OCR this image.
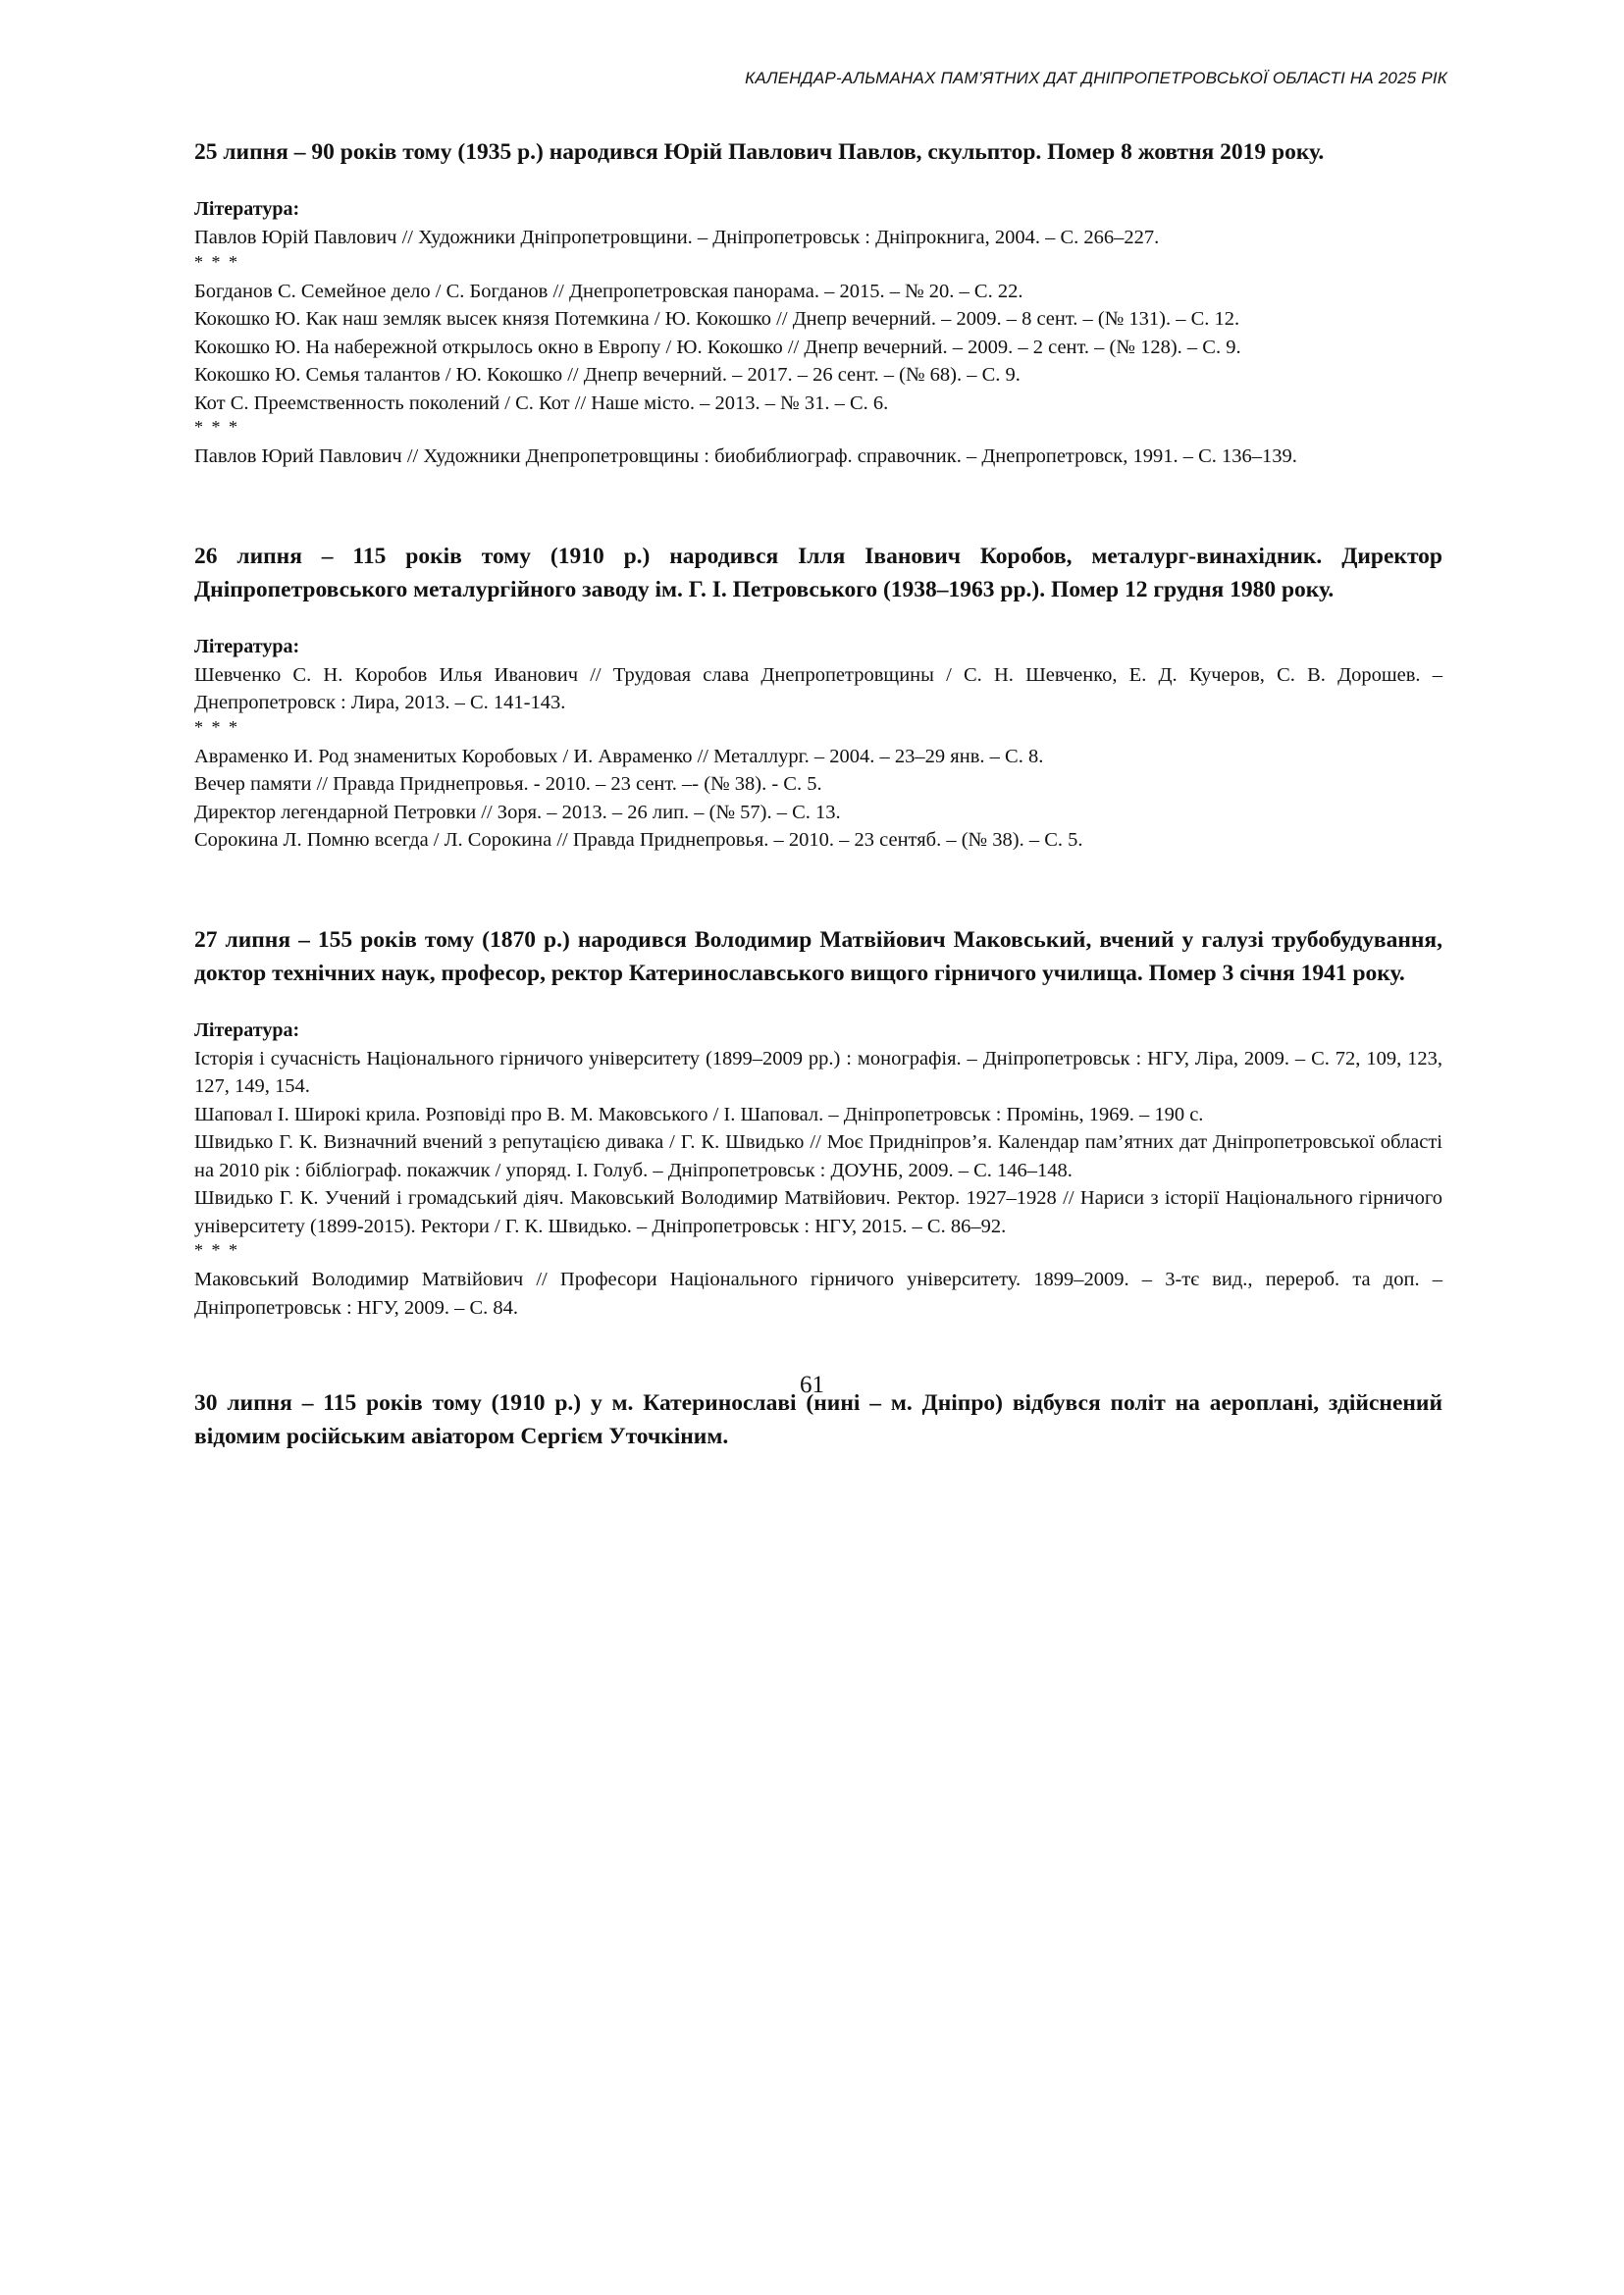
КАЛЕНДАР-АЛЬМАНАХ ПАМ’ЯТНИХ ДАТ ДНІПРОПЕТРОВСЬКОЇ ОБЛАСТІ НА 2025 РІК

25 липня – 90 років тому (1935 р.) народився Юрій Павлович Павлов, скульптор. Помер 8 жовтня 2019 року.

Література:

Павлов Юрій Павлович // Художники Дніпропетровщини. – Дніпропетровськ : Дніпрокнига, 2004. – С. 266–227.

* * *

Богданов С. Семейное дело / С. Богданов // Днепропетровская панорама. – 2015. – № 20. – С. 22.

Кокошко Ю. Как наш земляк высек князя Потемкина / Ю. Кокошко // Днепр вечерний. – 2009. – 8 сент. – (№ 131). – С. 12.

Кокошко Ю. На набережной открылось окно в Европу / Ю. Кокошко // Днепр вечерний. – 2009. – 2 сент. – (№ 128). – С. 9.

Кокошко Ю. Семья талантов / Ю. Кокошко // Днепр вечерний. – 2017. – 26 сент. – (№ 68). – С. 9.

Кот С. Преемственность поколений / С. Кот // Наше місто. – 2013. – № 31. – С. 6.

* * *

Павлов Юрий Павлович // Художники Днепропетровщины : биобиблиограф. справочник. – Днепропетровск, 1991. – С. 136–139.

26 липня – 115 років тому (1910 р.) народився Ілля Іванович Коробов, металург-винахідник. Директор Дніпропетровського металургійного заводу ім. Г. І. Петровського (1938–1963 рр.). Помер 12 грудня 1980 року.

Література:

Шевченко С. Н. Коробов Илья Иванович // Трудовая слава Днепропетровщины / С. Н. Шевченко, Е. Д. Кучеров, С. В. Дорошев. – Днепропетровск : Лира, 2013. – С. 141-143.

* * *

Авраменко И. Род знаменитых Коробовых / И. Авраменко // Металлург. – 2004. – 23–29 янв. – С. 8.

Вечер памяти // Правда Приднепровья. - 2010. – 23 сент. –- (№ 38). - С. 5.

Директор легендарной Петровки // Зоря. – 2013. – 26 лип. – (№ 57). – С. 13.

Сорокина Л. Помню всегда / Л. Сорокина // Правда Приднепровья. – 2010. – 23 сентяб. – (№ 38). – С. 5.

27 липня – 155 років тому (1870 р.) народився Володимир Матвійович Маковський, вчений у галузі трубобудування, доктор технічних наук, професор, ректор Катеринославського вищого гірничого училища. Помер 3 січня 1941 року.

Література:

Історія і сучасність Національного гірничого університету (1899–2009 рр.) : монографія. – Дніпропетровськ : НГУ, Ліра, 2009. – С. 72, 109, 123, 127, 149, 154.

Шаповал І. Широкі крила. Розповіді про В. М. Маковського / І. Шаповал. – Дніпропетровськ : Промінь, 1969. – 190 с.

Швидько Г. К. Визначний вчений з репутацією дивака / Г. К. Швидько // Моє Придніпров’я. Календар пам’ятних дат Дніпропетровської області на 2010 рік : бібліограф. покажчик / упоряд. І. Голуб. – Дніпропетровськ : ДОУНБ, 2009. – С. 146–148.

Швидько Г. К. Учений і громадський діяч. Маковський Володимир Матвійович. Ректор. 1927–1928 // Нариси з історії Національного гірничого університету (1899-2015). Ректори / Г. К. Швидько. – Дніпропетровськ : НГУ, 2015. – С. 86–92.

* * *

Маковський Володимир Матвійович // Професори Національного гірничого університету. 1899–2009. – 3-тє вид., перероб. та доп. – Дніпропетровськ : НГУ, 2009. – С. 84.

30 липня – 115 років тому (1910 р.) у м. Катеринославі (нині – м. Дніпро) відбувся політ на аероплані, здійснений відомим російським авіатором Сергієм Уточкіним.

61
